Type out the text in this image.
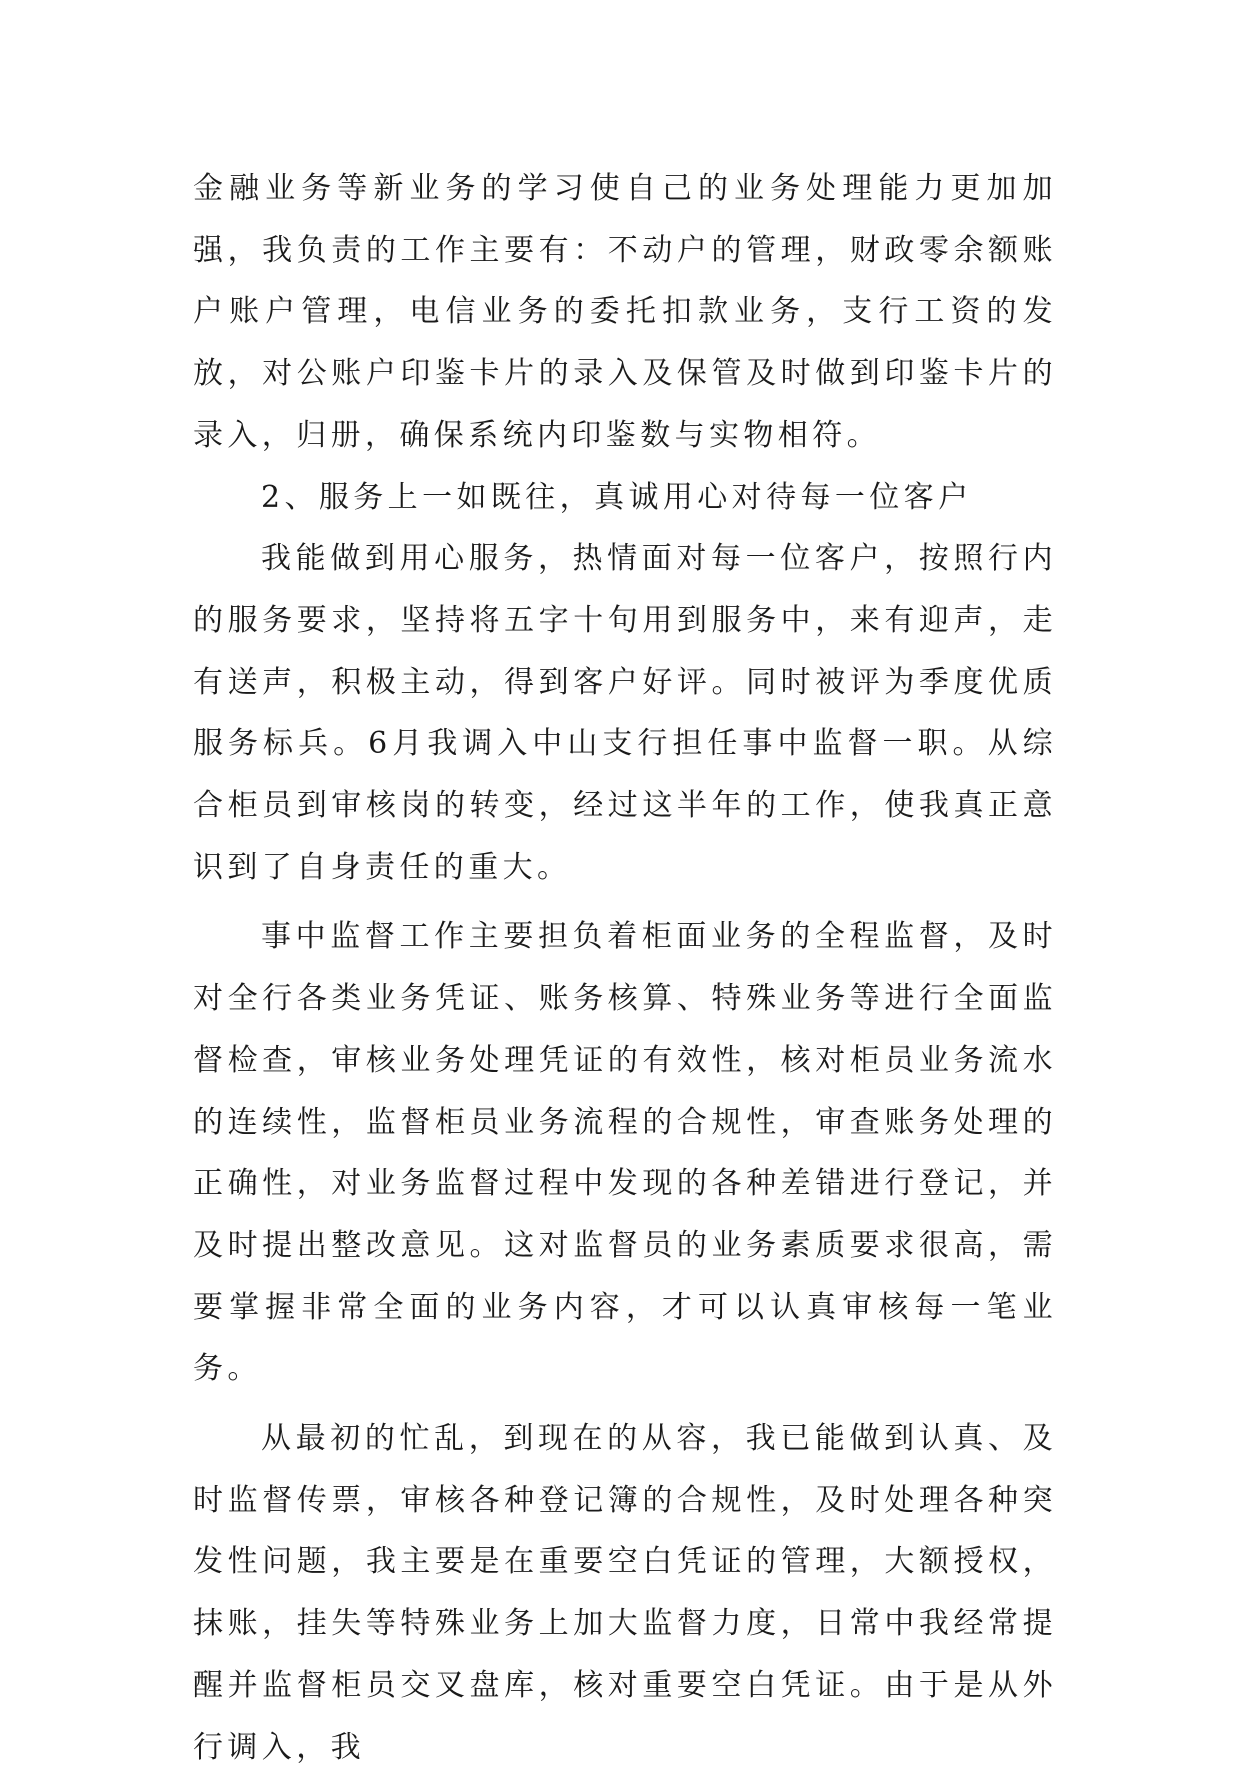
金融业务等新业务的学习使自己的业务处理能力更加加强，我负责的工作主要有：不动户的管理，财政零余额账户账户管理，电信业务的委托扣款业务，支行工资的发放，对公账户印鉴卡片的录入及保管及时做到印鉴卡片的录入，归册，确保系统内印鉴数与实物相符。

2、服务上一如既往，真诚用心对待每一位客户

我能做到用心服务，热情面对每一位客户，按照行内的服务要求，坚持将五字十句用到服务中，来有迎声，走有送声，积极主动，得到客户好评。同时被评为季度优质服务标兵。6月我调入中山支行担任事中监督一职。从综合柜员到审核岗的转变，经过这半年的工作，使我真正意识到了自身责任的重大。

事中监督工作主要担负着柜面业务的全程监督，及时对全行各类业务凭证、账务核算、特殊业务等进行全面监督检查，审核业务处理凭证的有效性，核对柜员业务流水的连续性，监督柜员业务流程的合规性，审查账务处理的正确性，对业务监督过程中发现的各种差错进行登记，并及时提出整改意见。这对监督员的业务素质要求很高，需要掌握非常全面的业务内容，才可以认真审核每一笔业务。

从最初的忙乱，到现在的从容，我已能做到认真、及时监督传票，审核各种登记簿的合规性，及时处理各种突发性问题，我主要是在重要空白凭证的管理，大额授权，抹账，挂失等特殊业务上加大监督力度，日常中我经常提醒并监督柜员交叉盘库，核对重要空白凭证。由于是从外行调入，我
